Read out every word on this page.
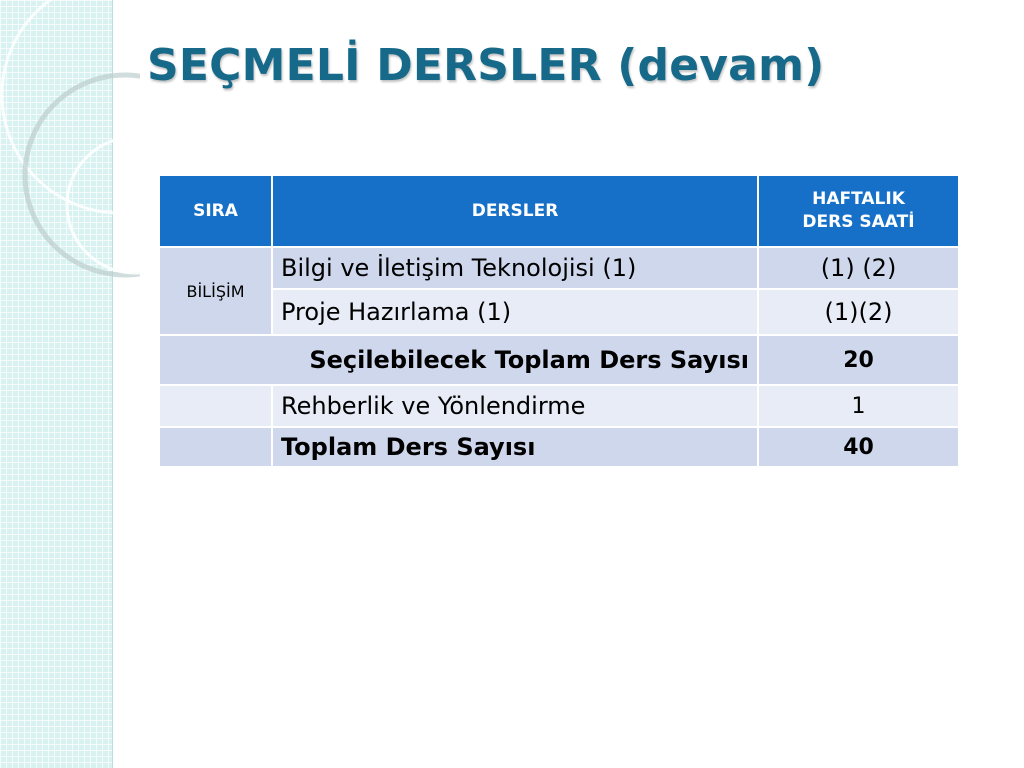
SEÇMELİ DERSLER (devam)
SIRA	DERSLER	HAFTALIK
DERS SAATİ
BİLİŞİM	Bilgi ve İletişim Teknolojisi (1)	(1) (2)
	Proje Hazırlama (1)	(1)(2)
Seçilebilecek Toplam Ders Sayısı		20
	Rehberlik ve Yönlendirme	1
	Toplam Ders Sayısı	40
